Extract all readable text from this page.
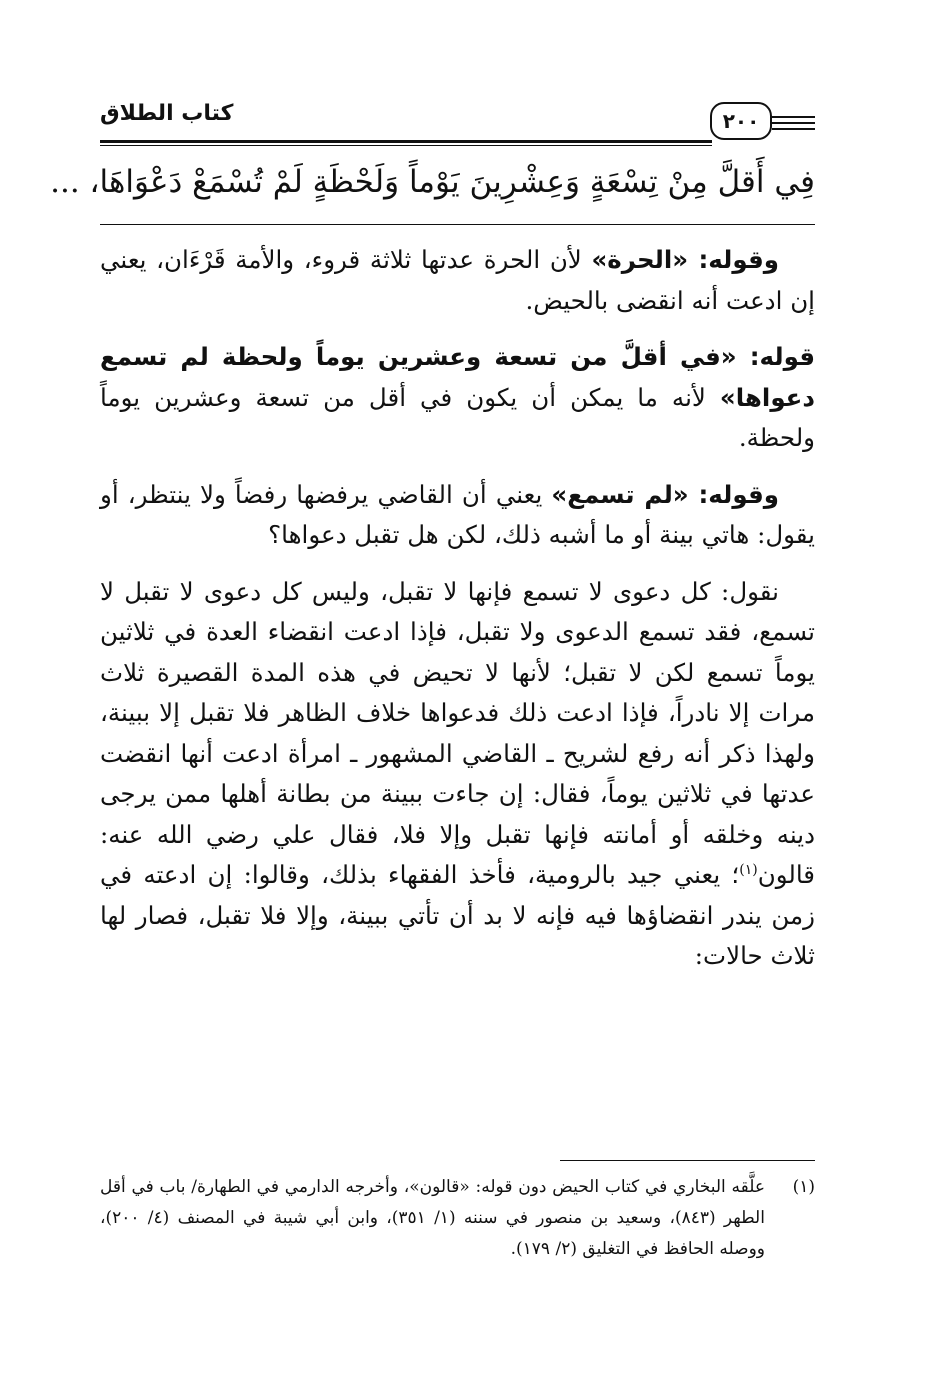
كتاب الطلاق	٢٠٠
فِي أَقلَّ مِنْ تِسْعَةٍ وَعِشْرِينَ يَوْماً وَلَحْظَةٍ لَمْ تُسْمَعْ دَعْوَاهَا، ...

وقوله: «الحرة» لأن الحرة عدتها ثلاثة قروء، والأمة قَرْءَان، يعني إن ادعت أنه انقضى بالحيض.

قوله: «في أقلَّ من تسعة وعشرين يوماً ولحظة لم تسمع دعواها» لأنه ما يمكن أن يكون في أقل من تسعة وعشرين يوماً ولحظة.

وقوله: «لم تسمع» يعني أن القاضي يرفضها رفضاً ولا ينتظر، أو يقول: هاتي بينة أو ما أشبه ذلك، لكن هل تقبل دعواها؟

نقول: كل دعوى لا تسمع فإنها لا تقبل، وليس كل دعوى لا تقبل لا تسمع، فقد تسمع الدعوى ولا تقبل، فإذا ادعت انقضاء العدة في ثلاثين يوماً تسمع لكن لا تقبل؛ لأنها لا تحيض في هذه المدة القصيرة ثلاث مرات إلا نادراً، فإذا ادعت ذلك فدعواها خلاف الظاهر فلا تقبل إلا ببينة، ولهذا ذكر أنه رفع لشريح ـ القاضي المشهور ـ امرأة ادعت أنها انقضت عدتها في ثلاثين يوماً، فقال: إن جاءت ببينة من بطانة أهلها ممن يرجى دينه وخلقه أو أمانته فإنها تقبل وإلا فلا، فقال علي رضي الله عنه: قالون$^{(١)}$؛ يعني جيد بالرومية، فأخذ الفقهاء بذلك، وقالوا: إن ادعته في زمن يندر انقضاؤها فيه فإنه لا بد أن تأتي ببينة، وإلا فلا تقبل، فصار لها ثلاث حالات:

(١)
علَّقه البخاري في كتاب الحيض دون قوله: «قالون»، وأخرجه الدارمي في الطهارة/ باب في أقل الطهر (٨٤٣)، وسعيد بن منصور في سننه (١/ ٣٥١)، وابن أبي شيبة في المصنف (٤/ ٢٠٠)، ووصله الحافظ في التغليق (٢/ ١٧٩).
